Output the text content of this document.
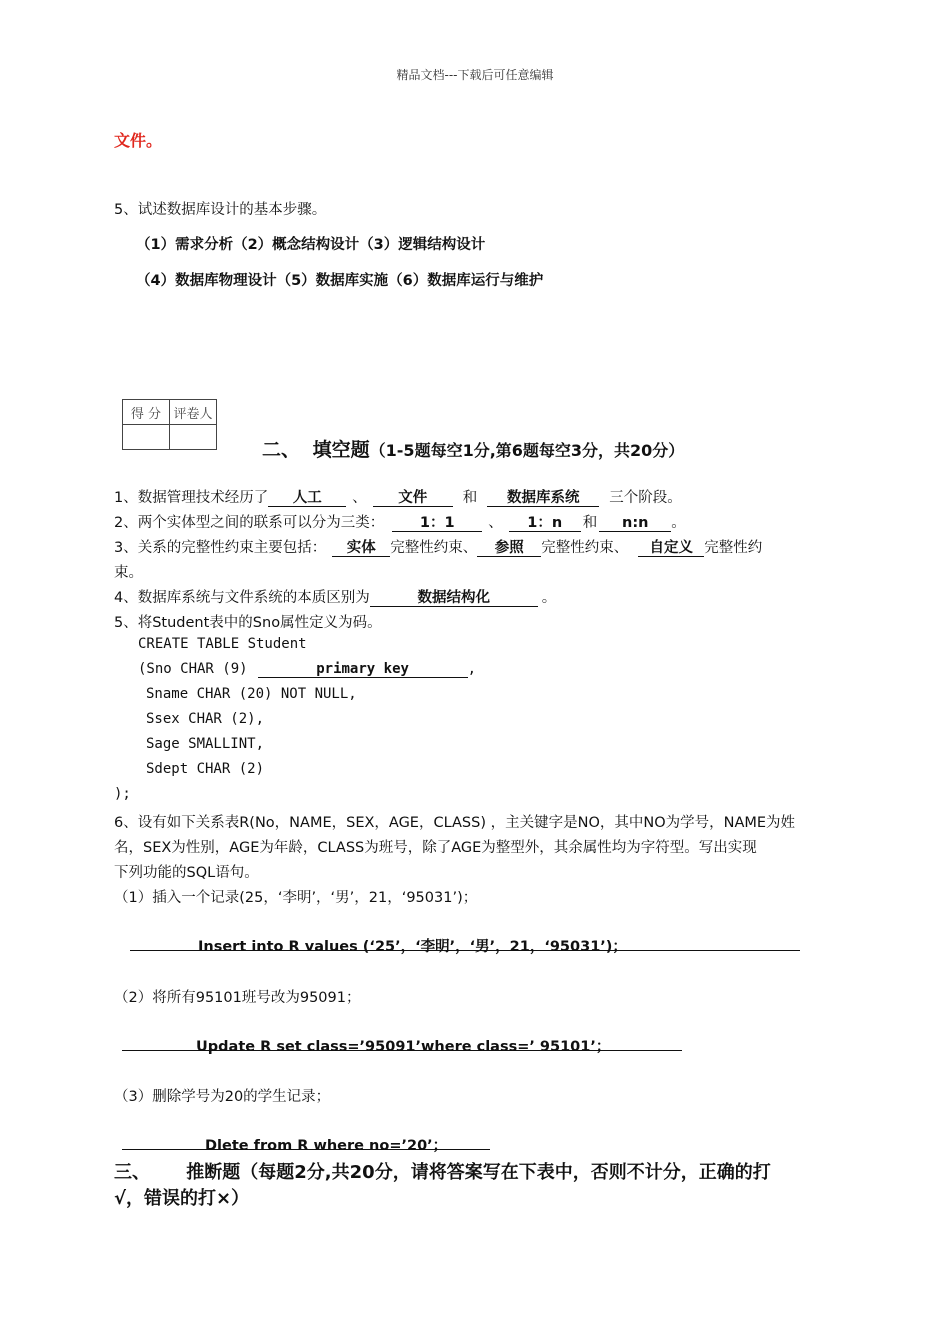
精品文档---下载后可任意编辑
文件。
5、试述数据库设计的基本步骤。
（1）需求分析（2）概念结构设计（3）逻辑结构设计
（4）数据库物理设计（5）数据库实施（6）数据库运行与维护
得 分	评卷人

二、 填空题（1-5题每空1分,第6题每空3分，共20分）
1、数据管理技术经历了 人工 、 文件 和 数据库系统 三个阶段。
2、两个实体型之间的联系可以分为三类： 1：1 、 1：n 和 n:n 。
3、关系的完整性约束主要包括： 实体 完整性约束、 参照 完整性约束、 自定义 完整性约
束。
4、数据库系统与文件系统的本质区别为	数据结构化	。
5、将Student表中的Sno属性定义为码。
CREATE TABLE Student
(Sno CHAR (9)	primary key	,
Sname CHAR (20) NOT NULL,
Ssex CHAR (2),
Sage SMALLINT,
Sdept CHAR (2)
);
6、设有如下关系表R(No，NAME，SEX，AGE，CLASS) ，主关键字是NO，其中NO为学号，NAME为姓
名，SEX为性别，AGE为年龄，CLASS为班号，除了AGE为整型外，其余属性均为字符型。写出实现
下列功能的SQL语句。
（1）插入一个记录(25，‘李明’，‘男’，21，‘95031’)；
Insert into R values (‘25’，‘李明’，‘男’，21，‘95031’)；
（2）将所有95101班号改为95091；
Update R set class=’95091’where class=’ 95101’；
（3）删除学号为20的学生记录；
Dlete from R where no=’20’；
三、 推断题（每题2分,共20分，请将答案写在下表中，否则不计分，正确的打
√，错误的打×）
